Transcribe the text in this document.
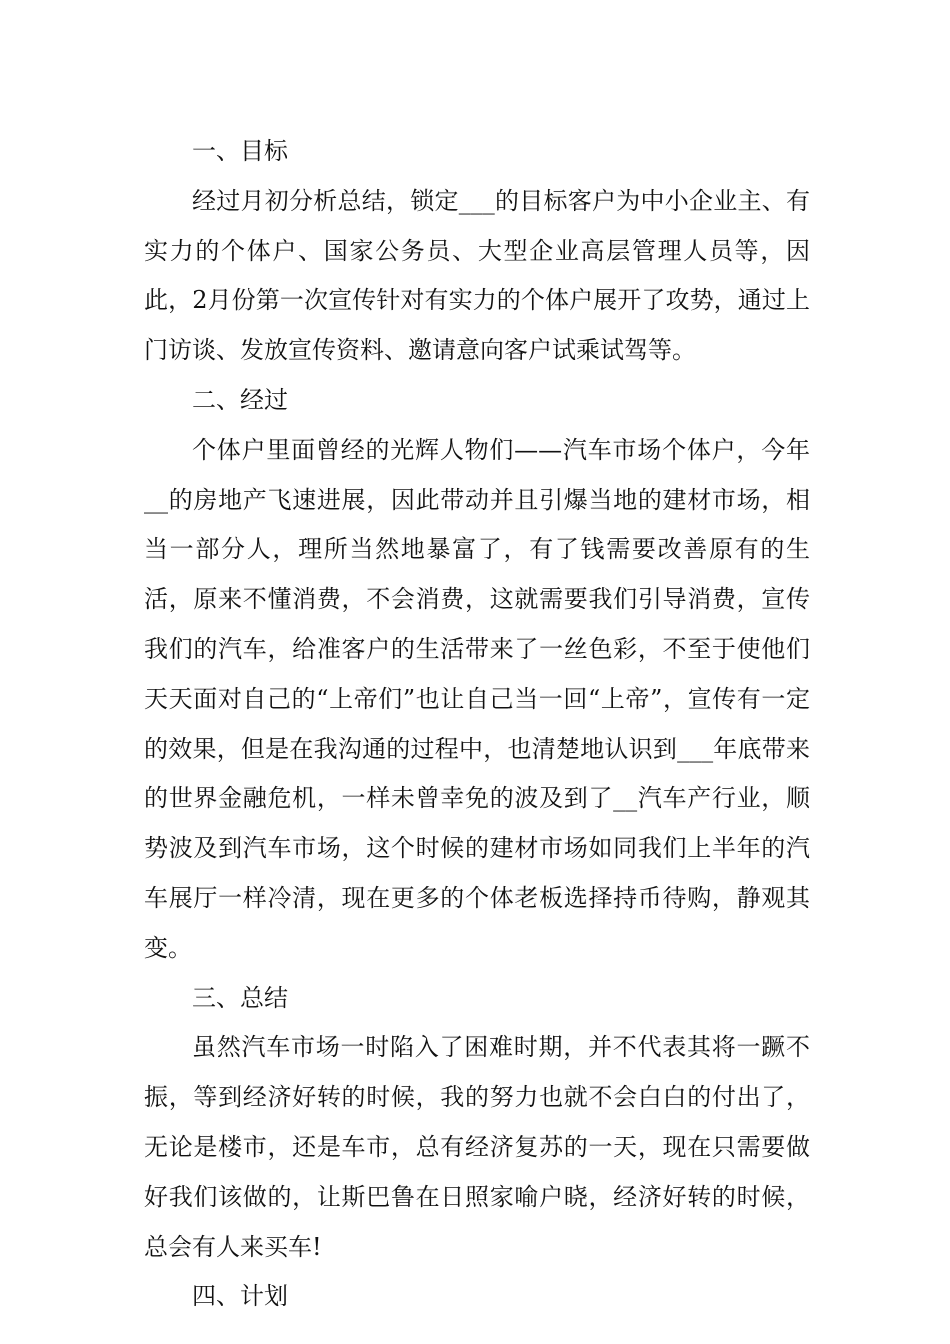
一、目标

经过月初分析总结，锁定___的目标客户为中小企业主、有实力的个体户、国家公务员、大型企业高层管理人员等，因此，2月份第一次宣传针对有实力的个体户展开了攻势，通过上门访谈、发放宣传资料、邀请意向客户试乘试驾等。

二、经过

个体户里面曾经的光辉人物们——汽车市场个体户，今年__的房地产飞速进展，因此带动并且引爆当地的建材市场，相当一部分人，理所当然地暴富了，有了钱需要改善原有的生活，原来不懂消费，不会消费，这就需要我们引导消费，宣传我们的汽车，给准客户的生活带来了一丝色彩，不至于使他们天天面对自己的“上帝们”也让自己当一回“上帝”，宣传有一定的效果，但是在我沟通的过程中，也清楚地认识到___年底带来的世界金融危机，一样未曾幸免的波及到了__汽车产行业，顺势波及到汽车市场，这个时候的建材市场如同我们上半年的汽车展厅一样冷清，现在更多的个体老板选择持币待购，静观其变。

三、总结

虽然汽车市场一时陷入了困难时期，并不代表其将一蹶不振，等到经济好转的时候，我的努力也就不会白白的付出了，无论是楼市，还是车市，总有经济复苏的一天，现在只需要做好我们该做的，让斯巴鲁在日照家喻户晓，经济好转的时候，总会有人来买车!

四、计划
